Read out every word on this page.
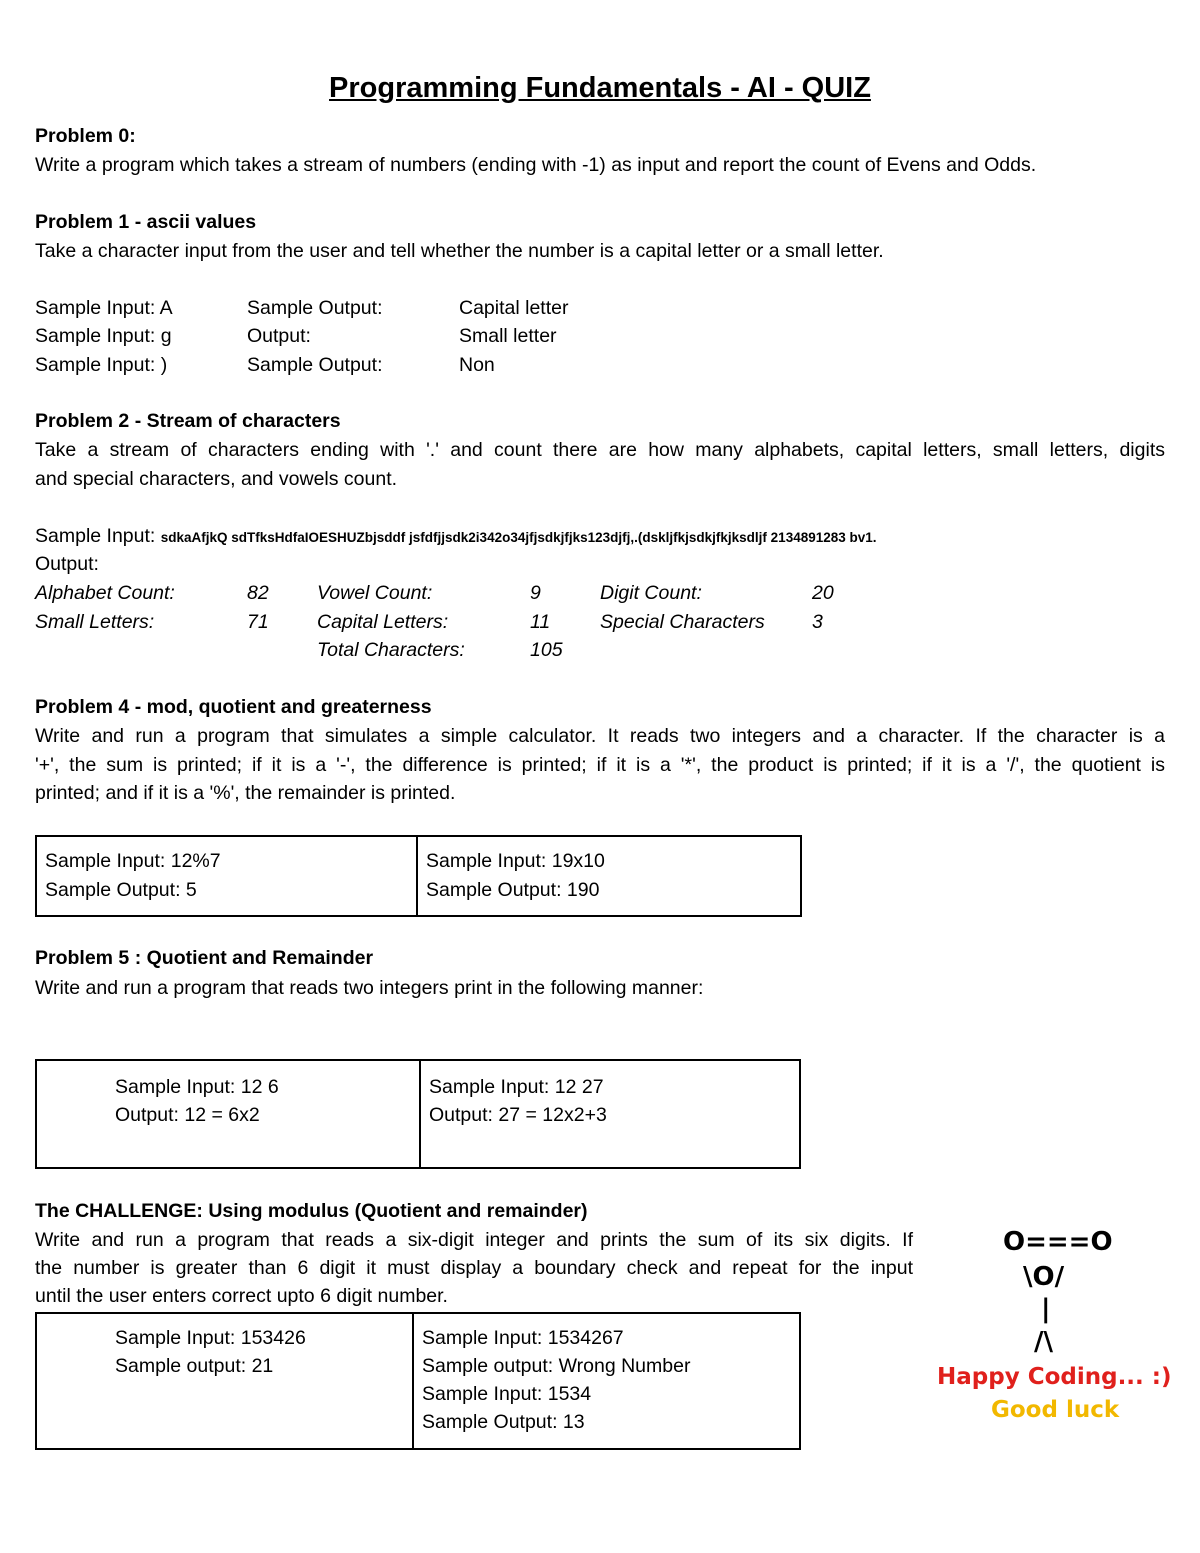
Programming Fundamentals - AI - QUIZ
Problem 0:
Write a program which takes a stream of numbers (ending with -1) as input and report the count of Evens and Odds.
Problem 1 - ascii values
Take a character input from the user and tell whether the number is a capital letter or a small letter.
Sample Input: A	Sample Output:	Capital letter
Sample Input: g	Output:	Small letter
Sample Input: )	Sample Output:	Non
Problem 2 - Stream of characters
Take a stream of characters ending with '.' and count there are how many alphabets, capital letters, small letters, digits
and special characters, and vowels count.
Sample Input: sdkaAfjkQ sdTfksHdfaIOESHUZbjsddf jsfdfjjsdk2i342o34jfjsdkjfjks123djfj,.(dskljfkjsdkjfkjksdljf 2134891283 bv1.
Output:
Alphabet Count:	82 Vowel Count:	9	Digit Count:	20
Small Letters:	71 Capital Letters:	11	Special Characters 3
Total Characters:	105
Problem 4 - mod, quotient and greaterness
Write and run a program that simulates a simple calculator. It reads two integers and a character. If the character is a
'+', the sum is printed; if it is a '-', the difference is printed; if it is a '*', the product is printed; if it is a '/', the quotient is
printed; and if it is a '%', the remainder is printed.
Sample Input: 12%7
Sample Output: 5
Sample Input: 19x10
Sample Output: 190
Problem 5 : Quotient and Remainder
Write and run a program that reads two integers print in the following manner:
Sample Input: 12 6
Output: 12 = 6x2
Sample Input: 12 27
Output: 27 = 12x2+3
The CHALLENGE: Using modulus (Quotient and remainder)
Write and run a program that reads a six-digit integer and prints the sum of its six digits. If
the number is greater than 6 digit it must display a boundary check and repeat for the input
until the user enters correct upto 6 digit number.
Sample Input: 153426
Sample output: 21
Sample Input: 1534267
Sample output: Wrong Number
Sample Input: 1534
Sample Output: 13
O===O
\O/
|
/\
Happy Coding... :)
Good luck
